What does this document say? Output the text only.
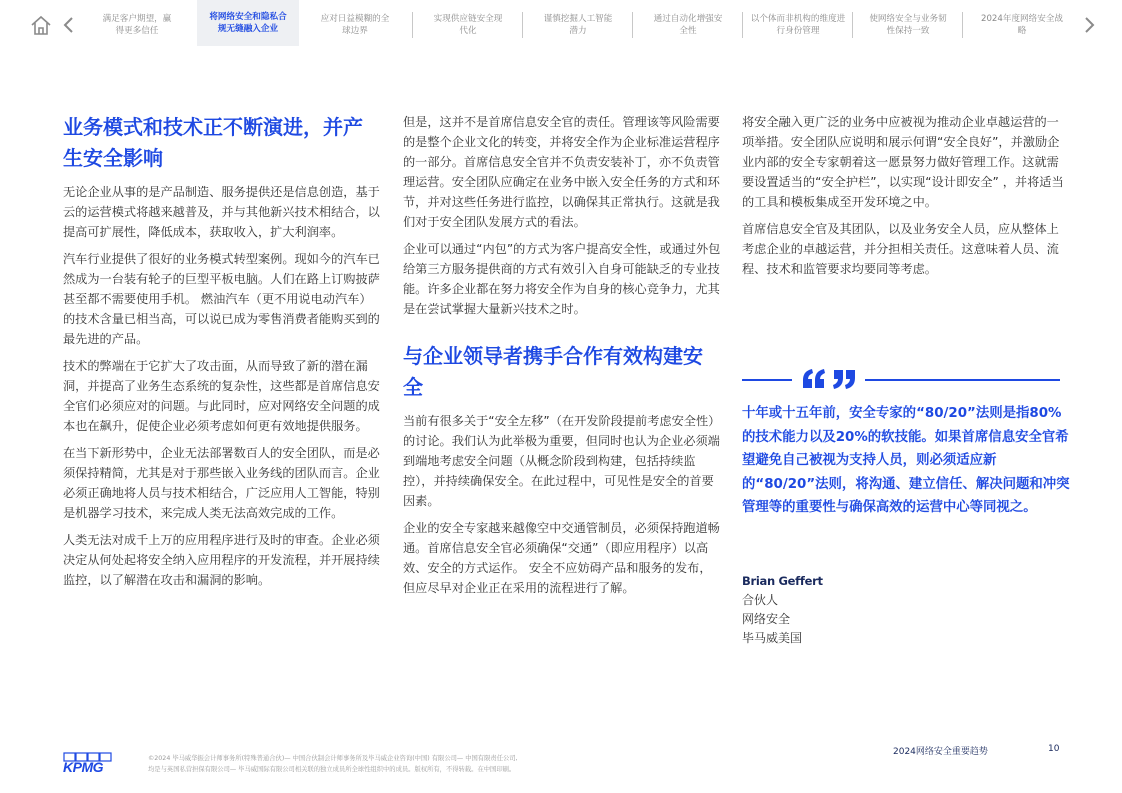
满足客户期望，赢得更多信任
将网络安全和隐私合规无缝融入企业
应对日益模糊的全球边界
实现供应链安全现代化
谨慎挖掘人工智能潜力
通过自动化增强安全性
以个体而非机构的维度进行身份管理
使网络安全与业务韧性保持一致
2024年度网络安全战略
业务模式和技术正不断演进，并产生安全影响

无论企业从事的是产品制造、服务提供还是信息创造，基于云的运营模式将越来越普及，并与其他新兴技术相结合，以提高可扩展性，降低成本，获取收入，扩大利润率。

汽车行业提供了很好的业务模式转型案例。现如今的汽车已然成为一台装有轮子的巨型平板电脑。人们在路上订购披萨甚至都不需要使用手机。 燃油汽车（更不用说电动汽车）的技术含量已相当高，可以说已成为零售消费者能购买到的最先进的产品。

技术的弊端在于它扩大了攻击面，从而导致了新的潜在漏洞，并提高了业务生态系统的复杂性，这些都是首席信息安全官们必须应对的问题。与此同时，应对网络安全问题的成本也在飙升，促使企业必须考虑如何更有效地提供服务。

在当下新形势中，企业无法部署数百人的安全团队，而是必须保持精简，尤其是对于那些嵌入业务线的团队而言。企业必须正确地将人员与技术相结合，广泛应用人工智能，特别是机器学习技术，来完成人类无法高效完成的工作。

人类无法对成千上万的应用程序进行及时的审查。企业必须决定从何处起将安全纳入应用程序的开发流程，并开展持续监控，以了解潜在攻击和漏洞的影响。

但是，这并不是首席信息安全官的责任。管理该等风险需要的是整个企业文化的转变，并将安全作为企业标准运营程序的一部分。首席信息安全官并不负责安装补丁，亦不负责管理运营。安全团队应确定在业务中嵌入安全任务的方式和环节，并对这些任务进行监控，以确保其正常执行。这就是我们对于安全团队发展方式的看法。

企业可以通过“内包”的方式为客户提高安全性，或通过外包给第三方服务提供商的方式有效引入自身可能缺乏的专业技能。许多企业都在努力将安全作为自身的核心竞争力，尤其是在尝试掌握大量新兴技术之时。

与企业领导者携手合作有效构建安全

当前有很多关于“安全左移”（在开发阶段提前考虑安全性）的讨论。我们认为此举极为重要，但同时也认为企业必须端到端地考虑安全问题（从概念阶段到构建，包括持续监控），并持续确保安全。在此过程中，可见性是安全的首要因素。

企业的安全专家越来越像空中交通管制员，必须保持跑道畅通。首席信息安全官必须确保“交通”（即应用程序）以高效、安全的方式运作。 安全不应妨碍产品和服务的发布，但应尽早对企业正在采用的流程进行了解。

将安全融入更广泛的业务中应被视为推动企业卓越运营的一项举措。安全团队应说明和展示何谓“安全良好”，并激励企业内部的安全专家朝着这一愿景努力做好管理工作。这就需要设置适当的“安全护栏”，以实现“设计即安全” ，并将适当的工具和模板集成至开发环境之中。

首席信息安全官及其团队，以及业务安全人员，应从整体上考虑企业的卓越运营，并分担相关责任。这意味着人员、流程、技术和监管要求均要同等考虑。

十年或十五年前，安全专家的“80/20”法则是指80%的技术能力以及20%的软技能。如果首席信息安全官希望避免自己被视为支持人员，则必须适应新的“80/20”法则，将沟通、建立信任、解决问题和冲突管理等的重要性与确保高效的运营中心等同视之。
Brian Geffert
合伙人
网络安全
毕马威美国
KPMG
©2024 毕马威华振会计师事务所(特殊普通合伙)— 中国合伙制会计师事务所及毕马威企业咨询(中国) 有限公司— 中国有限责任公司,
均是与英国私营担保有限公司— 毕马威国际有限公司相关联的独立成员所全球性组织中的成员。版权所有，不得转载。在中国印刷。
2024网络安全重要趋势	10
